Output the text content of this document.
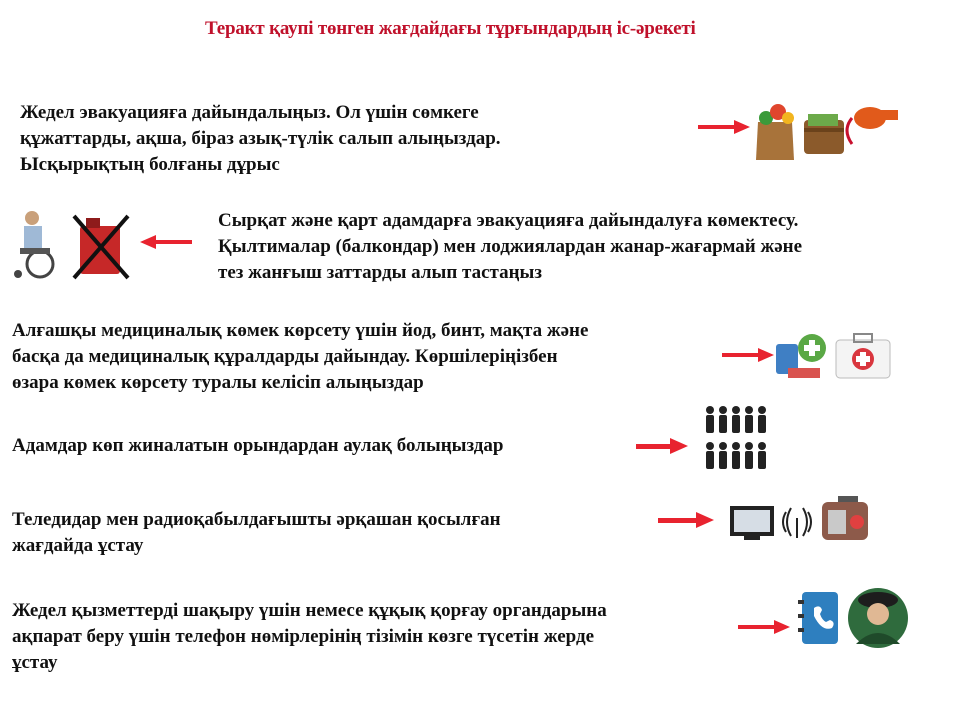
Теракт қаупі төнген жағдайдағы тұрғындардың іс-әрекеті
Жедел эвакуацияға дайындалыңыз. Ол үшін сөмкеге
құжаттарды, ақша, біраз азық-түлік салып алыңыздар.
Ысқырықтың болғаны дұрыс
Сырқат және қарт адамдарға эвакуацияға дайындалуға көмектесу.
Қылтималар (балкондар) мен лоджиялардан жанар-жағармай және
тез жанғыш заттарды алып тастаңыз
Алғашқы медициналық көмек көрсету үшін йод, бинт, мақта және
басқа да медициналық құралдарды дайындау. Көршілеріңізбен
өзара көмек көрсету туралы келісіп алыңыздар
Адамдар көп жиналатын орындардан аулақ болыңыздар
Теледидар мен радиоқабылдағышты әрқашан қосылған
жағдайда ұстау
Жедел қызметтерді шақыру үшін немесе құқық қорғау органдарына
ақпарат беру үшін телефон нөмірлерінің тізімін көзге түсетін жерде
ұстау
